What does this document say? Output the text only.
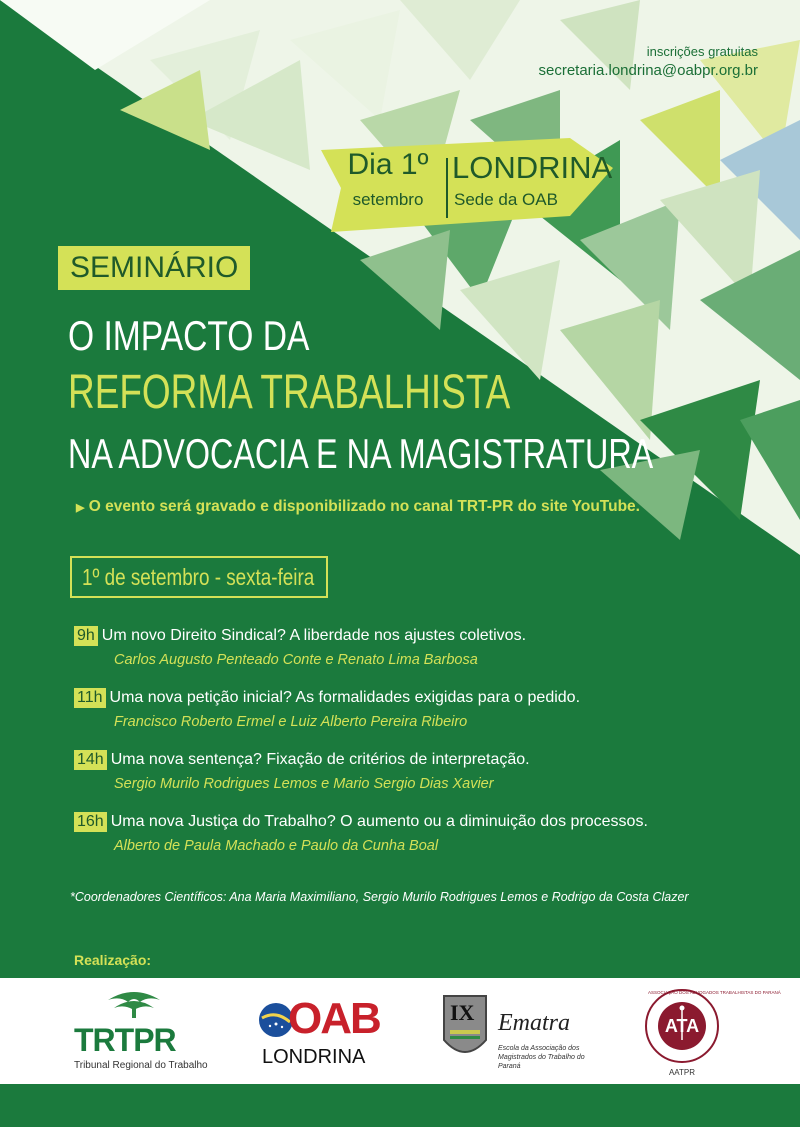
inscrições gratuitas
secretaria.londrina@oabpr.org.br
Dia 1º
setembro
LONDRINA
Sede da OAB
SEMINÁRIO
O IMPACTO DA
REFORMA TRABALHISTA
NA ADVOCACIA E NA MAGISTRATURA
▶ O evento será gravado e disponibilizado no canal TRT-PR do site YouTube.
1º de setembro - sexta-feira
9h Um novo Direito Sindical? A liberdade nos ajustes coletivos.
Carlos Augusto Penteado Conte e Renato Lima Barbosa
11h Uma nova petição inicial? As formalidades exigidas para o pedido.
Francisco Roberto Ermel e Luiz Alberto Pereira Ribeiro
14h Uma nova sentença? Fixação de critérios de interpretação.
Sergio Murilo Rodrigues Lemos e Mario Sergio Dias Xavier
16h Uma nova Justiça do Trabalho? O aumento ou a diminuição dos processos.
Alberto de Paula Machado e Paulo da Cunha Boal
*Coordenadores Científicos: Ana Maria Maximiliano, Sergio Murilo Rodrigues Lemos e Rodrigo da Costa Clazer
Realização:
TRTPR
Tribunal Regional do Trabalho
OAB
LONDRINA
IX Ematra
Escola da Associação dos Magistrados do Trabalho do Paraná
ASSOCIAÇÃO DOS ADVOGADOS TRABALHISTAS DO PARANÁ
ATA
AATPR
